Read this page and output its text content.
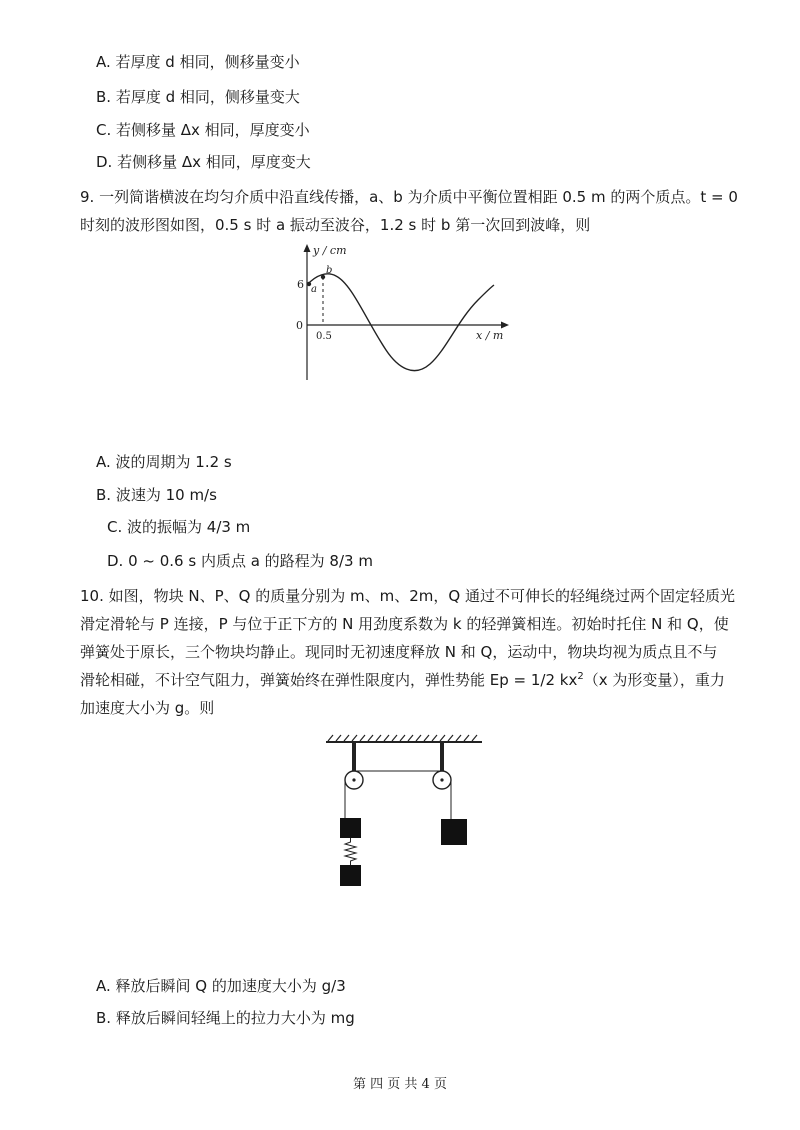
A. 若厚度 d 相同，侧移量变小
B. 若厚度 d 相同，侧移量变大
C. 若侧移量 Δx 相同，厚度变小
D. 若侧移量 Δx 相同，厚度变大
9. 一列简谐横波在均匀介质中沿直线传播，a、b 为介质中平衡位置相距 0.5 m 的两个质点。t = 0
时刻的波形图如图，0.5 s 时 a 振动至波谷，1.2 s 时 b 第一次回到波峰，则
y / cm
x / m
6
0
0.5
a
b
A. 波的周期为 1.2 s
B. 波速为 10 m/s
C. 波的振幅为 4/3 m
D. 0 ~ 0.6 s 内质点 a 的路程为 8/3 m
10. 如图，物块 N、P、Q 的质量分别为 m、m、2m，Q 通过不可伸长的轻绳绕过两个固定轻质光
滑定滑轮与 P 连接，P 与位于正下方的 N 用劲度系数为 k 的轻弹簧相连。初始时托住 N 和 Q，使
弹簧处于原长，三个物块均静止。现同时无初速度释放 N 和 Q，运动中，物块均视为质点且不与
滑轮相碰，不计空气阻力，弹簧始终在弹性限度内，弹性势能 Ep = 1/2 $kx^2(x$ 为形变量），重力
加速度大小为 g。则
A. 释放后瞬间 Q 的加速度大小为 g/3
B. 释放后瞬间轻绳上的拉力大小为 mg
第 四 页 共 4 页
